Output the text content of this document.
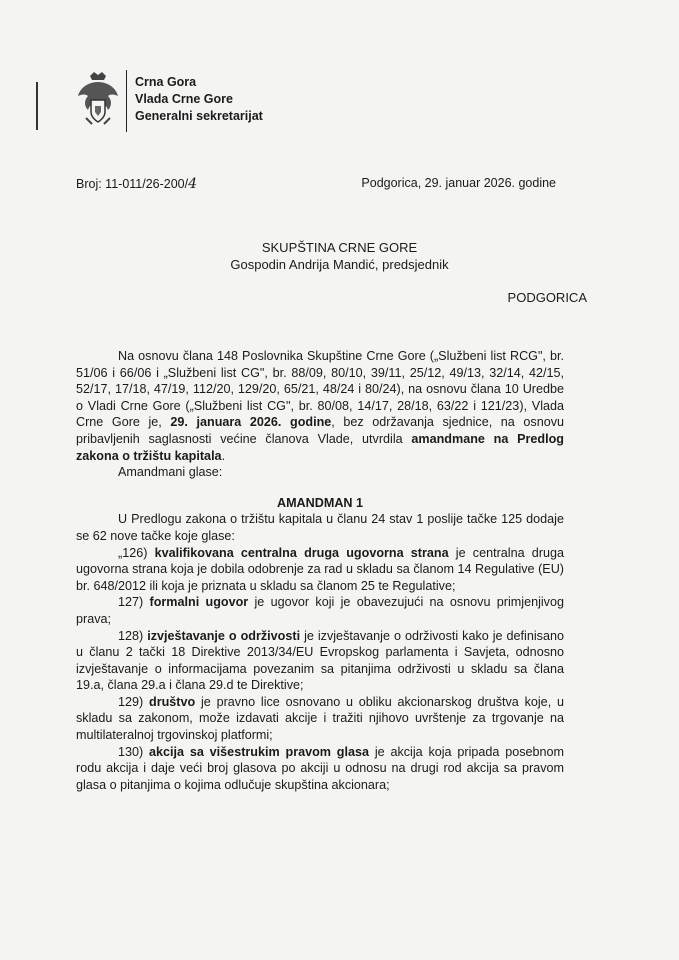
Crna Gora
Vlada Crne Gore
Generalni sekretarijat
Broj: 11-011/26-200/4	Podgorica, 29. januar 2026. godine
SKUPŠTINA CRNE GORE
Gospodin Andrija Mandić, predsjednik
PODGORICA

Na osnovu člana 148 Poslovnika Skupštine Crne Gore („Službeni list RCG", br. 51/06 i 66/06 i „Službeni list CG", br. 88/09, 80/10, 39/11, 25/12, 49/13, 32/14, 42/15, 52/17, 17/18, 47/19, 112/20, 129/20, 65/21, 48/24 i 80/24), na osnovu člana 10 Uredbe o Vladi Crne Gore („Službeni list CG", br. 80/08, 14/17, 28/18, 63/22 i 121/23), Vlada Crne Gore je, 29. januara 2026. godine, bez održavanja sjednice, na osnovu pribavljenih saglasnosti većine članova Vlade, utvrdila amandmane na Predlog zakona o tržištu kapitala.

Amandmani glase:

AMANDMAN 1

U Predlogu zakona o tržištu kapitala u članu 24 stav 1 poslije tačke 125 dodaje se 62 nove tačke koje glase:

„126) kvalifikovana centralna druga ugovorna strana je centralna druga ugovorna strana koja je dobila odobrenje za rad u skladu sa članom 14 Regulative (EU) br. 648/2012 ili koja je priznata u skladu sa članom 25 te Regulative;

127) formalni ugovor je ugovor koji je obavezujući na osnovu primjenjivog prava;

128) izvještavanje o održivosti je izvještavanje o održivosti kako je definisano u članu 2 tački 18 Direktive 2013/34/EU Evropskog parlamenta i Savjeta, odnosno izvještavanje o informacijama povezanim sa pitanjima održivosti u skladu sa člana 19.a, člana 29.a i člana 29.d te Direktive;

129) društvo je pravno lice osnovano u obliku akcionarskog društva koje, u skladu sa zakonom, može izdavati akcije i tražiti njihovo uvrštenje za trgovanje na multilateralnoj trgovinskoj platformi;

130) akcija sa višestrukim pravom glasa je akcija koja pripada posebnom rodu akcija i daje veći broj glasova po akciji u odnosu na drugi rod akcija sa pravom glasa o pitanjima o kojima odlučuje skupština akcionara;
